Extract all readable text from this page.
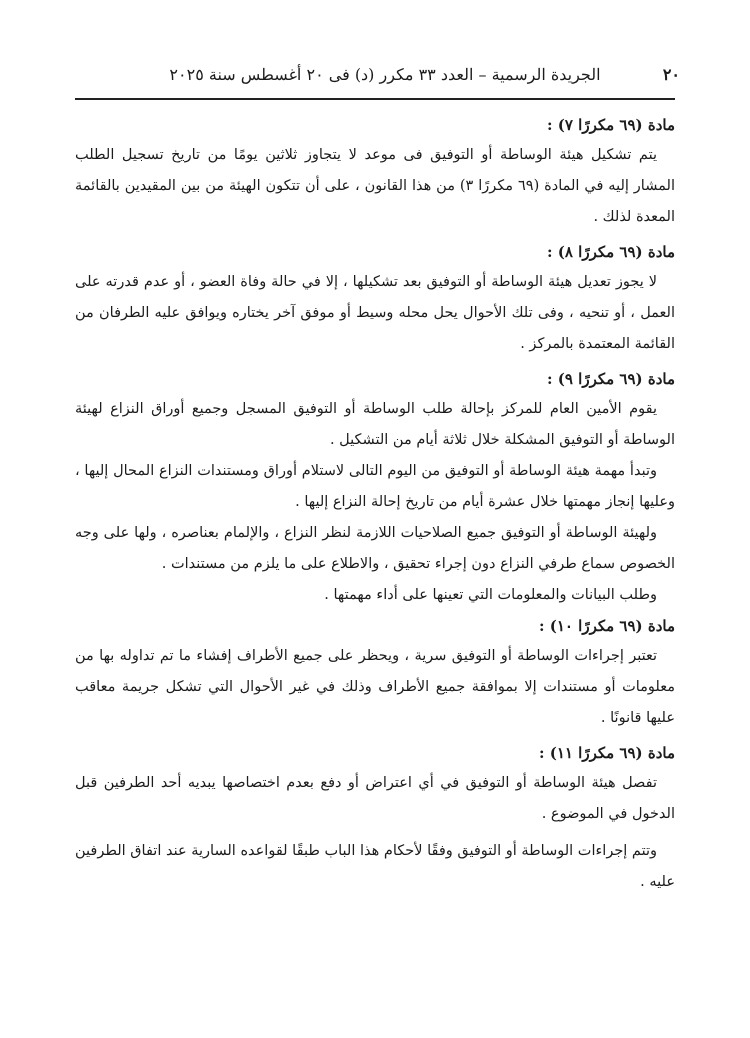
٢٠
الجريدة الرسمية – العدد ٣٣ مكرر (د) فى ٢٠ أغسطس سنة ٢٠٢٥
مادة (٦٩ مكررًا ٧) :

يتم تشكيل هيئة الوساطة أو التوفيق فى موعد لا يتجاوز ثلاثين يومًا من تاريخ تسجيل الطلب المشار إليه في المادة (٦٩ مكررًا ٣) من هذا القانون ، على أن تتكون الهيئة من بين المقيدين بالقائمة المعدة لذلك .

مادة (٦٩ مكررًا ٨) :

لا يجوز تعديل هيئة الوساطة أو التوفيق بعد تشكيلها ، إلا في حالة وفاة العضو ، أو عدم قدرته على العمل ، أو تنحيه ، وفى تلك الأحوال يحل محله وسيط أو موفق آخر يختاره ويوافق عليه الطرفان من القائمة المعتمدة بالمركز .

مادة (٦٩ مكررًا ٩) :

يقوم الأمين العام للمركز بإحالة طلب الوساطة أو التوفيق المسجل وجميع أوراق النزاع لهيئة الوساطة أو التوفيق المشكلة خلال ثلاثة أيام من التشكيل .

وتبدأ مهمة هيئة الوساطة أو التوفيق من اليوم التالى لاستلام أوراق ومستندات النزاع المحال إليها ، وعليها إنجاز مهمتها خلال عشرة أيام من تاريخ إحالة النزاع إليها .

ولهيئة الوساطة أو التوفيق جميع الصلاحيات اللازمة لنظر النزاع ، والإلمام بعناصره ، ولها على وجه الخصوص سماع طرفي النزاع دون إجراء تحقيق ، والاطلاع على ما يلزم من مستندات .

وطلب البيانات والمعلومات التي تعينها على أداء مهمتها .

مادة (٦٩ مكررًا ١٠) :

تعتبر إجراءات الوساطة أو التوفيق سرية ، ويحظر على جميع الأطراف إفشاء ما تم تداوله بها من معلومات أو مستندات إلا بموافقة جميع الأطراف وذلك في غير الأحوال التي تشكل جريمة معاقب عليها قانونًا .

مادة (٦٩ مكررًا ١١) :

تفصل هيئة الوساطة أو التوفيق في أي اعتراض أو دفع بعدم اختصاصها يبديه أحد الطرفين قبل الدخول في الموضوع .

وتتم إجراءات الوساطة أو التوفيق وفقًا لأحكام هذا الباب طبقًا لقواعده السارية عند اتفاق الطرفين عليه .
